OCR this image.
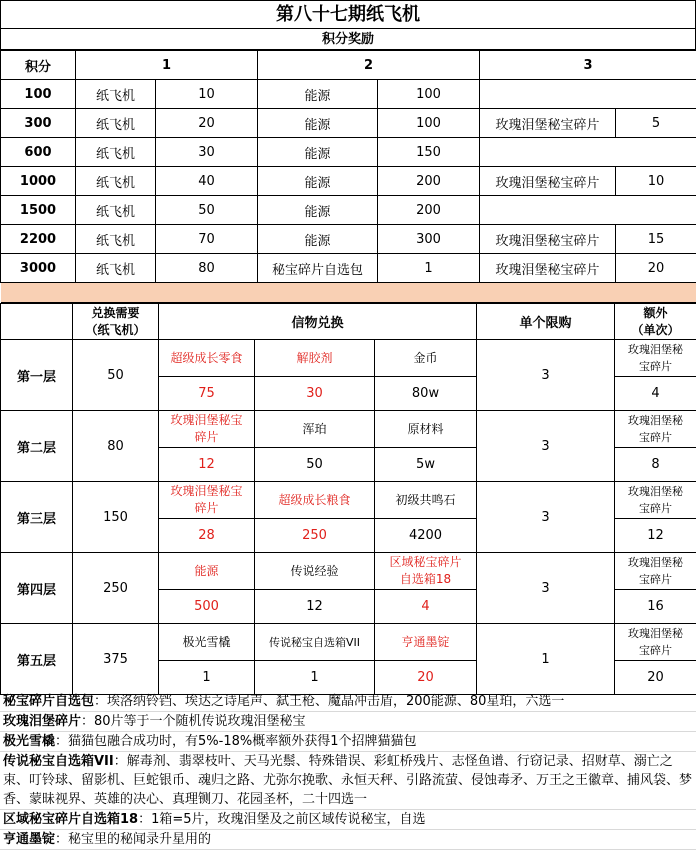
第八十七期纸飞机
积分奖励
积分	1		2		3	
100	纸飞机	10	能源	100		
300	纸飞机	20	能源	100	玫瑰泪堡秘宝碎片	5
600	纸飞机	30	能源	150		
1000	纸飞机	40	能源	200	玫瑰泪堡秘宝碎片	10
1500	纸飞机	50	能源	200		
2200	纸飞机	70	能源	300	玫瑰泪堡秘宝碎片	15
3000	纸飞机	80	秘宝碎片自选包	1	玫瑰泪堡秘宝碎片	20

	兑换需要
（纸飞机）	信物兑换			单个限购	额外
（单次）
第一层	50	超级成长零食	解胶剂	金币	3	玫瑰泪堡秘
宝碎片
		75	30	80w		4
第二层	80	玫瑰泪堡秘宝
碎片	浑珀	原材料	3	玫瑰泪堡秘
宝碎片
		12	50	5w		8
第三层	150	玫瑰泪堡秘宝
碎片	超级成长粮食	初级共鸣石	3	玫瑰泪堡秘
宝碎片
		28	250	4200		12
第四层	250	能源	传说经验	区域秘宝碎片
自选箱18	3	玫瑰泪堡秘
宝碎片
		500	12	4		16
第五层	375	极光雪橇	传说秘宝自选箱VII	亨通墨锭	1	玫瑰泪堡秘
宝碎片
		1	1	20		20
秘宝碎片自选包：埃洛纳铃铛、埃达之诗尾声、弑王枪、魔晶冲击盾，200能源、80星珀，六选一
玫瑰泪堡碎片：80片等于一个随机传说玫瑰泪堡秘宝
极光雪橇：猫猫包融合成功时，有5%-18%概率额外获得1个招牌猫猫包
传说秘宝自选箱VII：解毒剂、翡翠枝叶、天马光鬃、特殊错误、彩虹桥残片、志怪鱼谱、行窃记录、招财草、溺亡之束、叮铃球、留影机、巨蛇银币、魂归之路、尤弥尔挽歌、永恒天秤、引路流萤、侵蚀毒矛、万王之王徽章、捕风袋、梦香、蒙昧视界、英雄的决心、真理铡刀、花园圣杯，二十四选一
区域秘宝碎片自选箱18：1箱=5片，玫瑰泪堡及之前区域传说秘宝，自选
亨通墨锭：秘宝里的秘闻录升星用的
